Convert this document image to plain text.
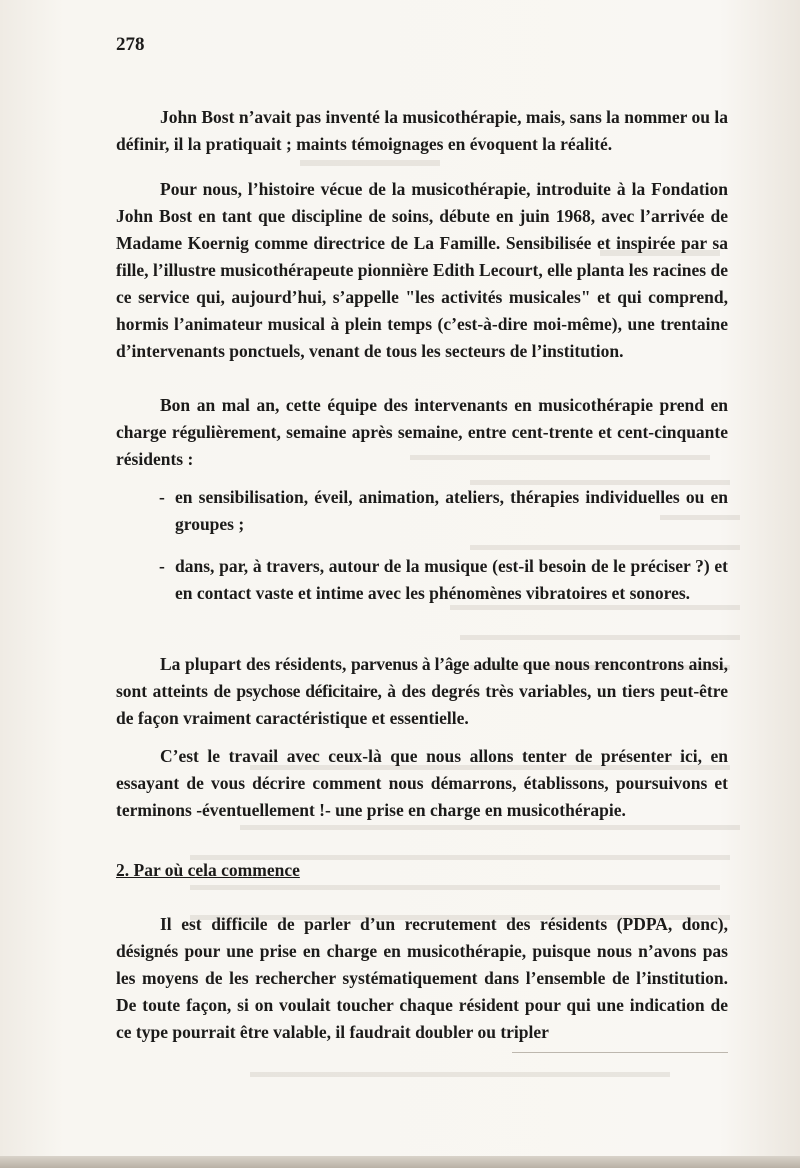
278
John Bost n’avait pas inventé la musicothérapie, mais, sans la nommer ou la définir, il la pratiquait ; maints témoignages en évoquent la réalité.
Pour nous, l’histoire vécue de la musicothérapie, introduite à la Fondation John Bost en tant que discipline de soins, débute en juin 1968, avec l’arrivée de Madame Koernig comme directrice de La Famille. Sensibilisée et inspirée par sa fille, l’illustre musicothérapeute pionnière Edith Lecourt, elle planta les racines de ce service qui, aujourd’hui, s’appelle "les activités musicales" et qui comprend, hormis l’animateur musical à plein temps (c’est-à-dire moi-même), une trentaine d’intervenants ponctuels, venant de tous les secteurs de l’institution.
Bon an mal an, cette équipe des intervenants en musicothérapie prend en charge régulièrement, semaine après semaine, entre cent-trente et cent-cinquante résidents :
- en sensibilisation, éveil, animation, ateliers, thérapies individuelles ou en groupes ;
- dans, par, à travers, autour de la musique (est-il besoin de le préciser ?) et en contact vaste et intime avec les phénomènes vibratoires et sonores.
La plupart des résidents, parvenus à l’âge adulte que nous rencontrons ainsi, sont atteints de psychose déficitaire, à des degrés très variables, un tiers peut-être de façon vraiment caractéristique et essentielle.
C’est le travail avec ceux-là que nous allons tenter de présenter ici, en essayant de vous décrire comment nous démarrons, établissons, poursuivons et terminons -éventuellement !- une prise en charge en musicothérapie.
2. Par où cela commence
Il est difficile de parler d’un recrutement des résidents (PDPA, donc), désignés pour une prise en charge en musicothérapie, puisque nous n’avons pas les moyens de les rechercher systématiquement dans l’ensemble de l’institution. De toute façon, si on voulait toucher chaque résident pour qui une indication de ce type pourrait être valable, il faudrait doubler ou tripler
